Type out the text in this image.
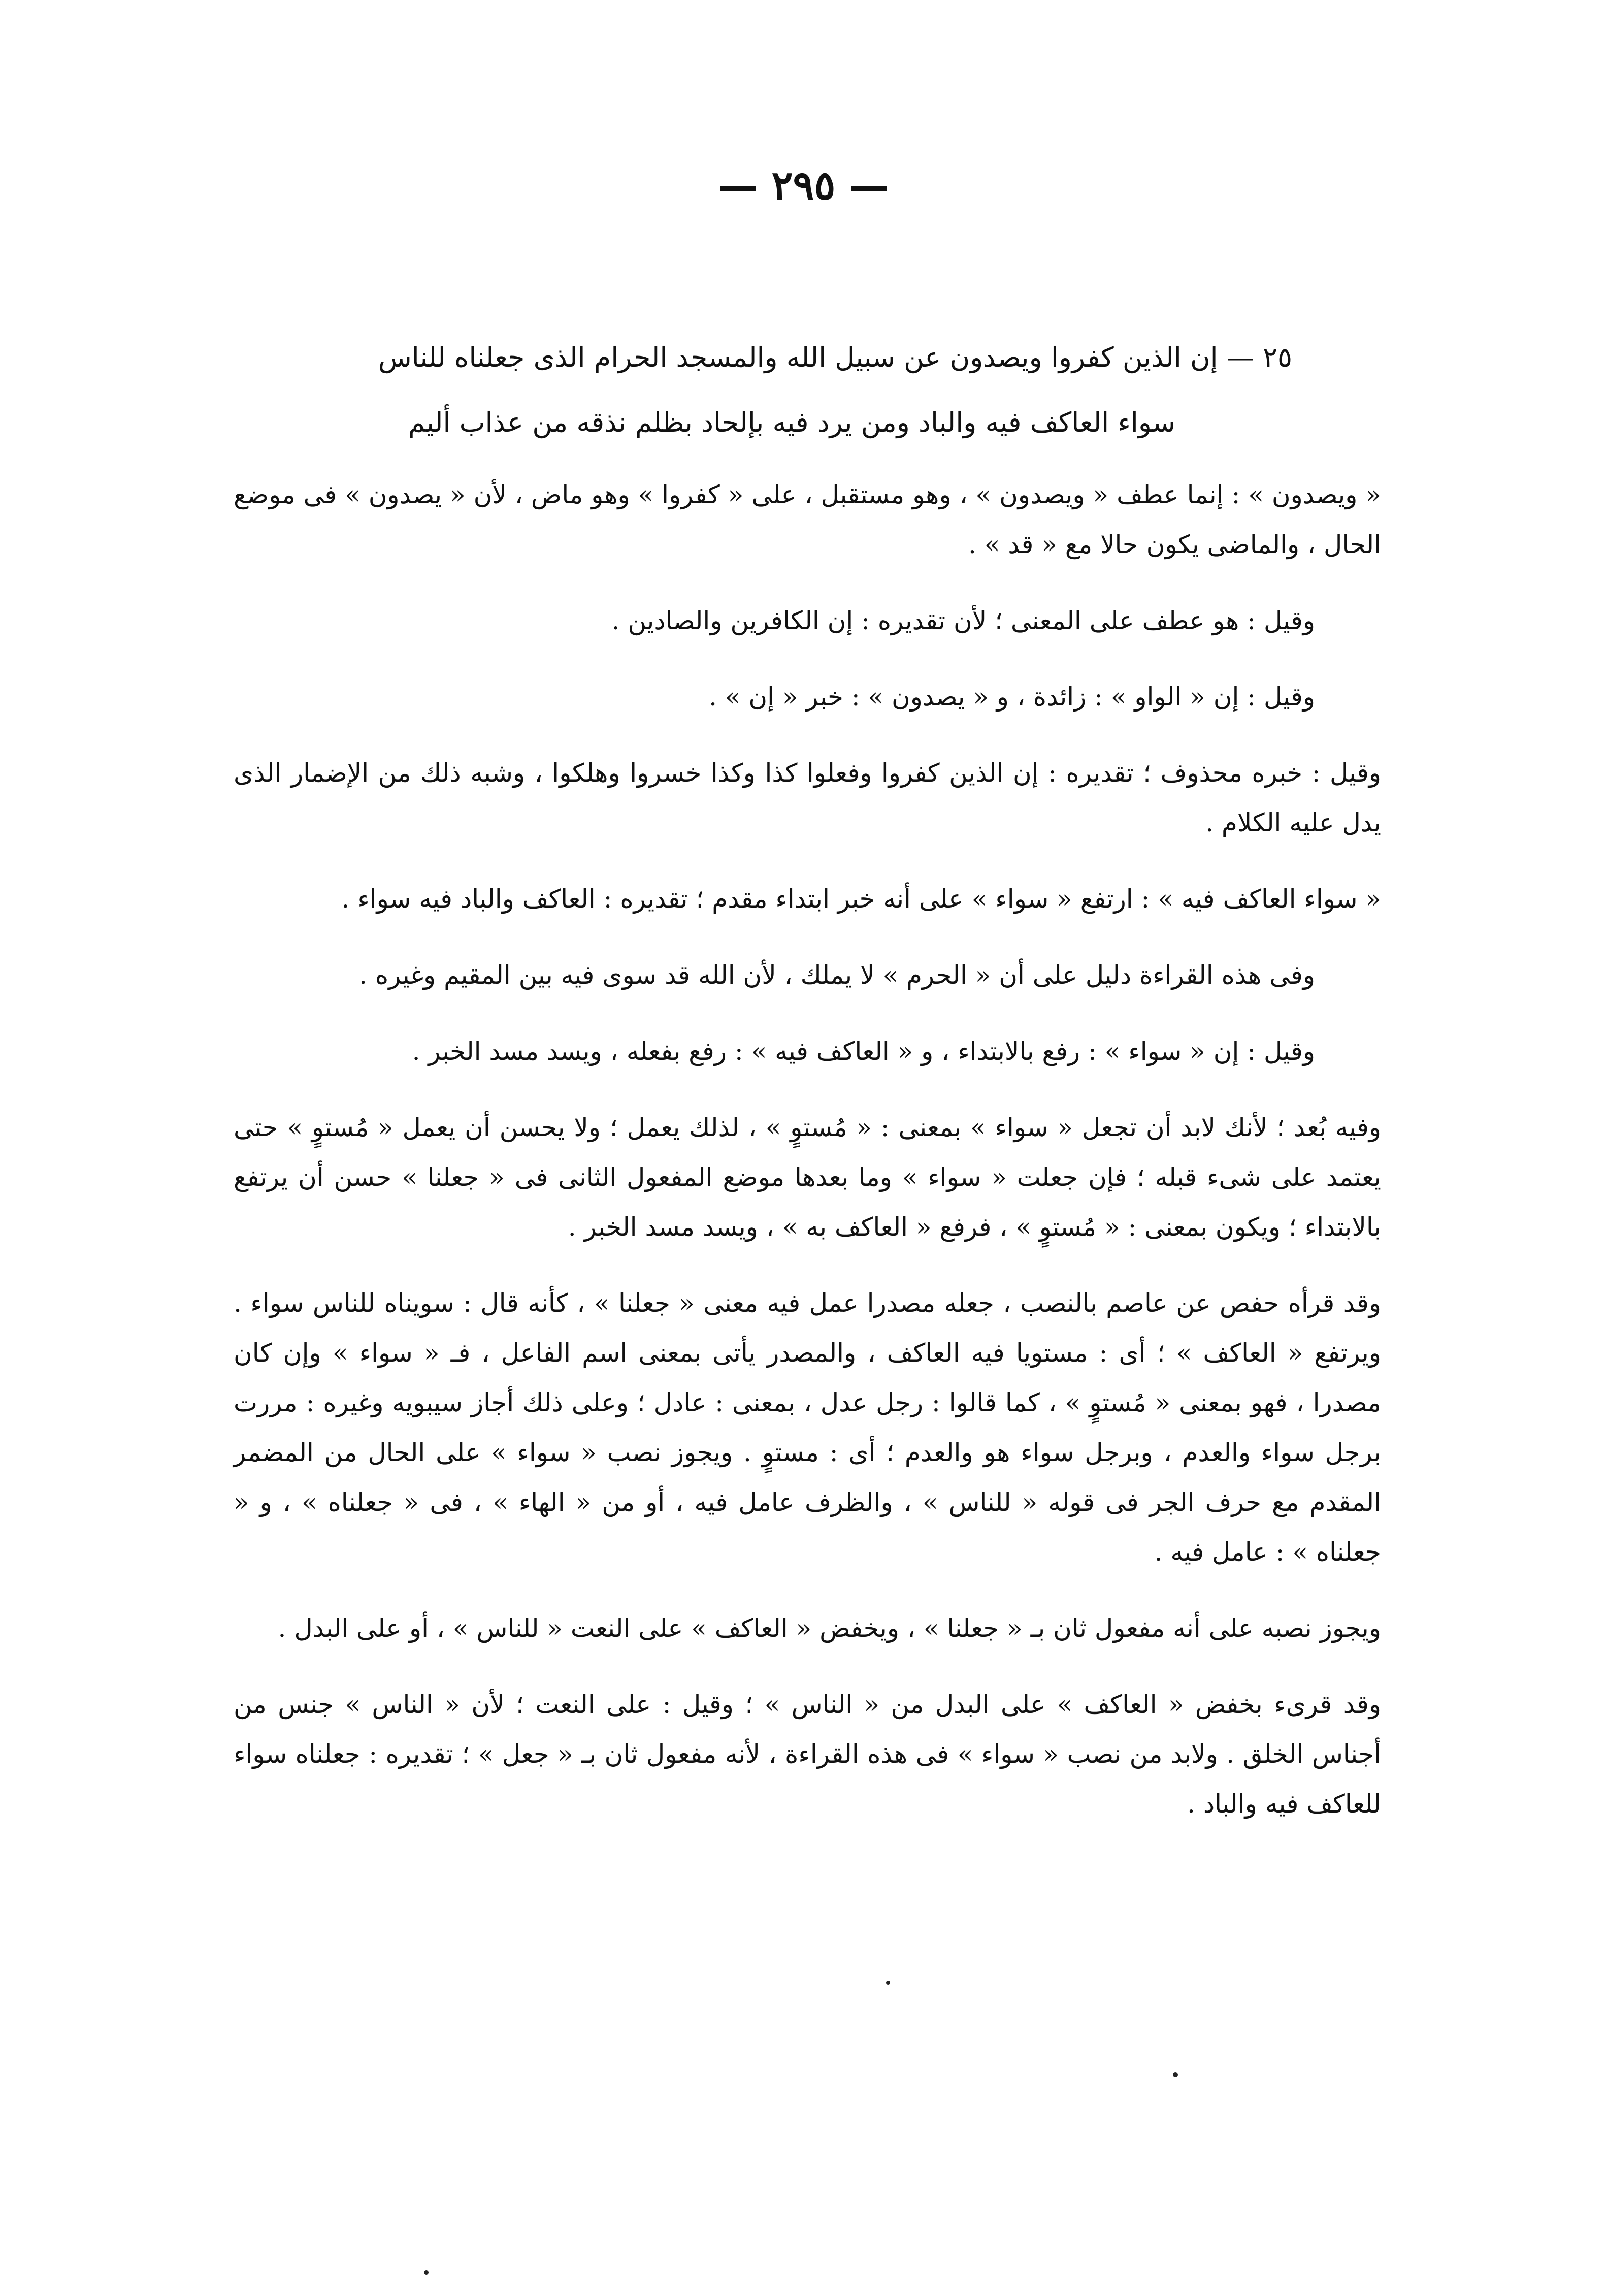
— ٢٩٥ —
٢٥ — إن الذين كفروا ويصدون عن سبيل الله والمسجد الحرام الذى جعلناه للناس
سواء العاكف فيه والباد ومن يرد فيه بإلحاد بظلم نذقه من عذاب أليم

« ويصدون » : إنما عطف « ويصدون » ، وهو مستقبل ، على « كفروا » وهو ماض ، لأن « يصدون » فى موضع الحال ، والماضى يكون حالا مع « قد » .

وقيل : هو عطف على المعنى ؛ لأن تقديره : إن الكافرين والصادين .

وقيل : إن « الواو » : زائدة ، و « يصدون » : خبر « إن » .

وقيل : خبره محذوف ؛ تقديره : إن الذين كفروا وفعلوا كذا وكذا خسروا وهلكوا ، وشبه ذلك من الإضمار الذى يدل عليه الكلام .

« سواء العاكف فيه » : ارتفع « سواء » على أنه خبر ابتداء مقدم ؛ تقديره : العاكف والباد فيه سواء .

وفى هذه القراءة دليل على أن « الحرم » لا يملك ، لأن الله قد سوى فيه بين المقيم وغيره .

وقيل : إن « سواء » : رفع بالابتداء ، و « العاكف فيه » : رفع بفعله ، ويسد مسد الخبر .

وفيه بُعد ؛ لأنك لابد أن تجعل « سواء » بمعنى : « مُستوٍ » ، لذلك يعمل ؛ ولا يحسن أن يعمل « مُستوٍ » حتى يعتمد على شىء قبله ؛ فإن جعلت « سواء » وما بعدها موضع المفعول الثانى فى « جعلنا » حسن أن يرتفع بالابتداء ؛ ويكون بمعنى : « مُستوٍ » ، فرفع « العاكف به » ، ويسد مسد الخبر .

وقد قرأه حفص عن عاصم بالنصب ، جعله مصدرا عمل فيه معنى « جعلنا » ، كأنه قال : سويناه للناس سواء . ويرتفع « العاكف » ؛ أى : مستويا فيه العاكف ، والمصدر يأتى بمعنى اسم الفاعل ، فـ « سواء » وإن كان مصدرا ، فهو بمعنى « مُستوٍ » ، كما قالوا : رجل عدل ، بمعنى : عادل ؛ وعلى ذلك أجاز سيبويه وغيره : مررت برجل سواء والعدم ، وبرجل سواء هو والعدم ؛ أى : مستوٍ . ويجوز نصب « سواء » على الحال من المضمر المقدم مع حرف الجر فى قوله « للناس » ، والظرف عامل فيه ، أو من « الهاء » ، فى « جعلناه » ، و « جعلناه » : عامل فيه .

ويجوز نصبه على أنه مفعول ثان بـ « جعلنا » ، ويخفض « العاكف » على النعت « للناس » ، أو على البدل .

وقد قرىء بخفض « العاكف » على البدل من « الناس » ؛ وقيل : على النعت ؛ لأن « الناس » جنس من أجناس الخلق . ولابد من نصب « سواء » فى هذه القراءة ، لأنه مفعول ثان بـ « جعل » ؛ تقديره : جعلناه سواء للعاكف فيه والباد .
